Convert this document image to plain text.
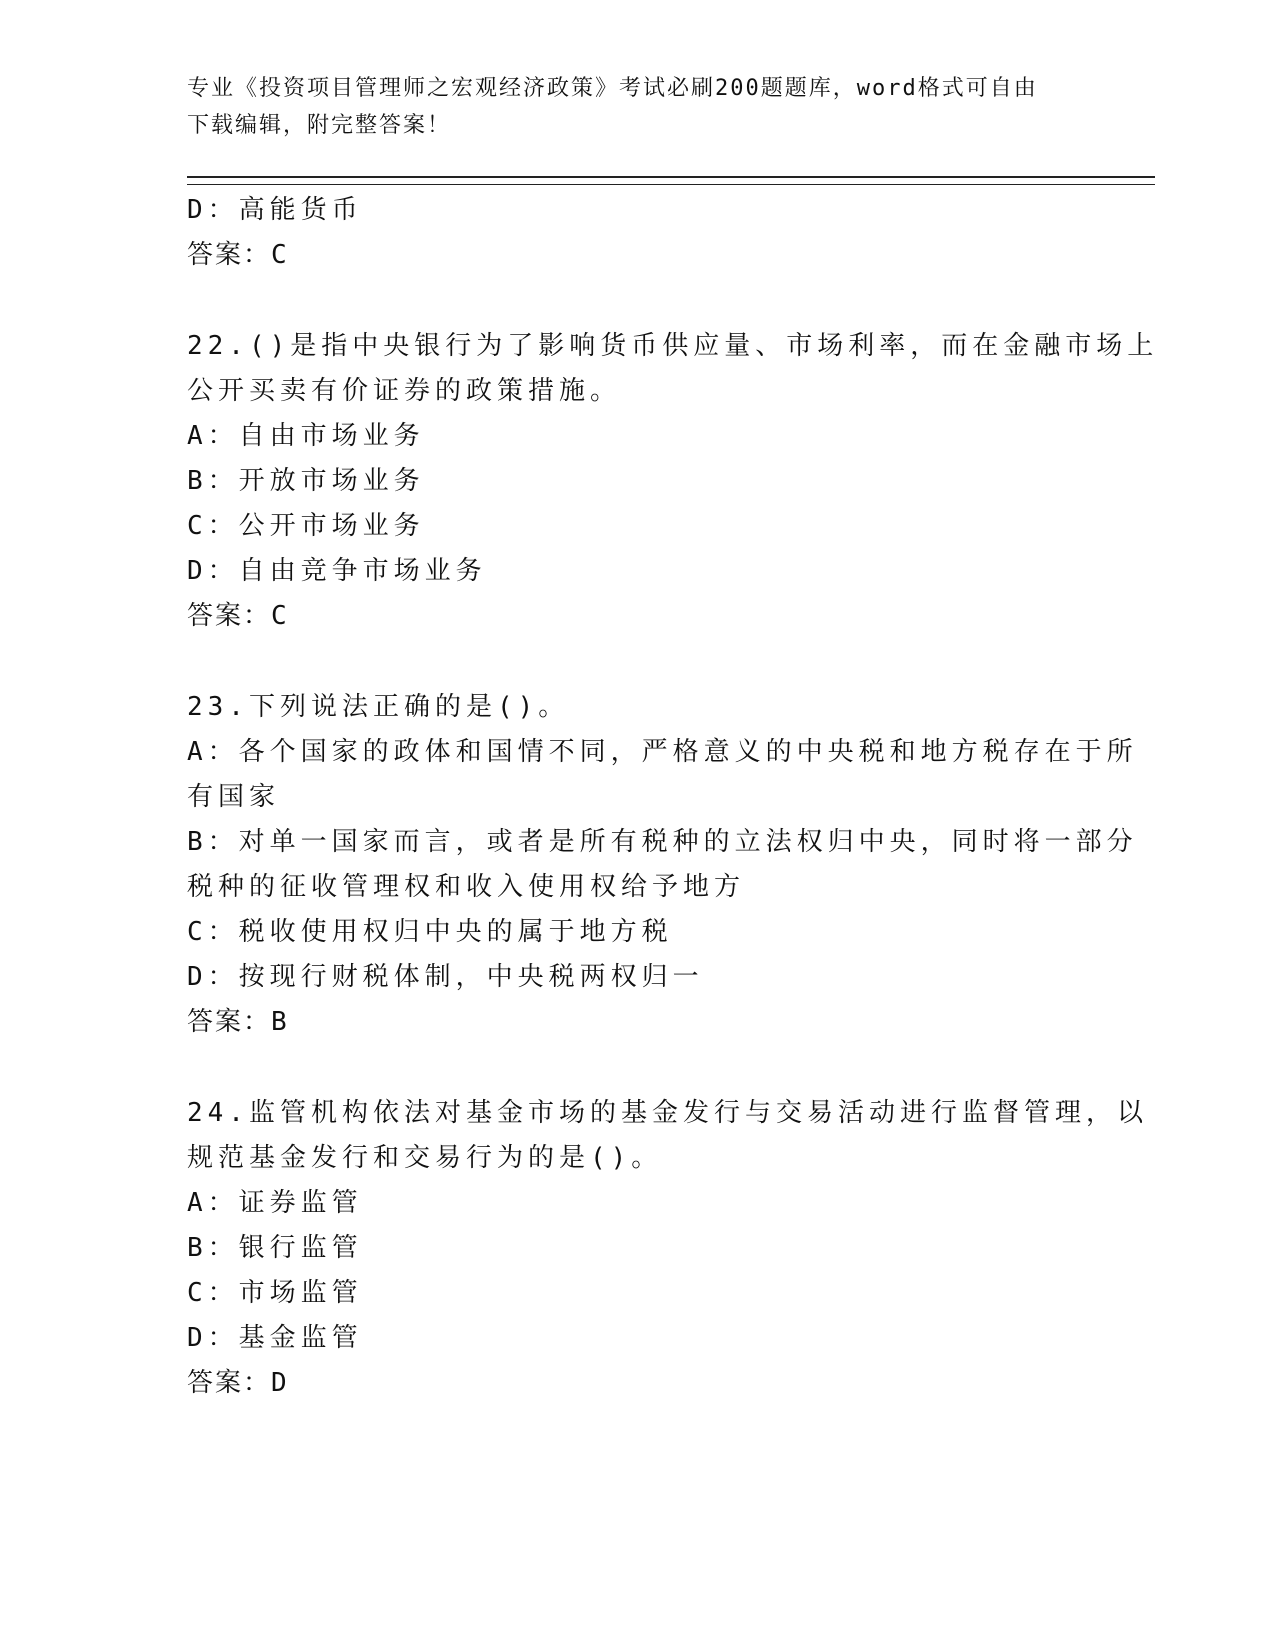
专业《投资项目管理师之宏观经济政策》考试必刷200题题库，word格式可自由
下载编辑，附完整答案！
D：高能货币
答案：C
22.()是指中央银行为了影响货币供应量、市场利率，而在金融市场上
公开买卖有价证券的政策措施。
A：自由市场业务
B：开放市场业务
C：公开市场业务
D：自由竞争市场业务
答案：C
23.下列说法正确的是()。
A：各个国家的政体和国情不同，严格意义的中央税和地方税存在于所
有国家
B：对单一国家而言，或者是所有税种的立法权归中央，同时将一部分
税种的征收管理权和收入使用权给予地方
C：税收使用权归中央的属于地方税
D：按现行财税体制，中央税两权归一
答案：B
24.监管机构依法对基金市场的基金发行与交易活动进行监督管理，以
规范基金发行和交易行为的是()。
A：证券监管
B：银行监管
C：市场监管
D：基金监管
答案：D
